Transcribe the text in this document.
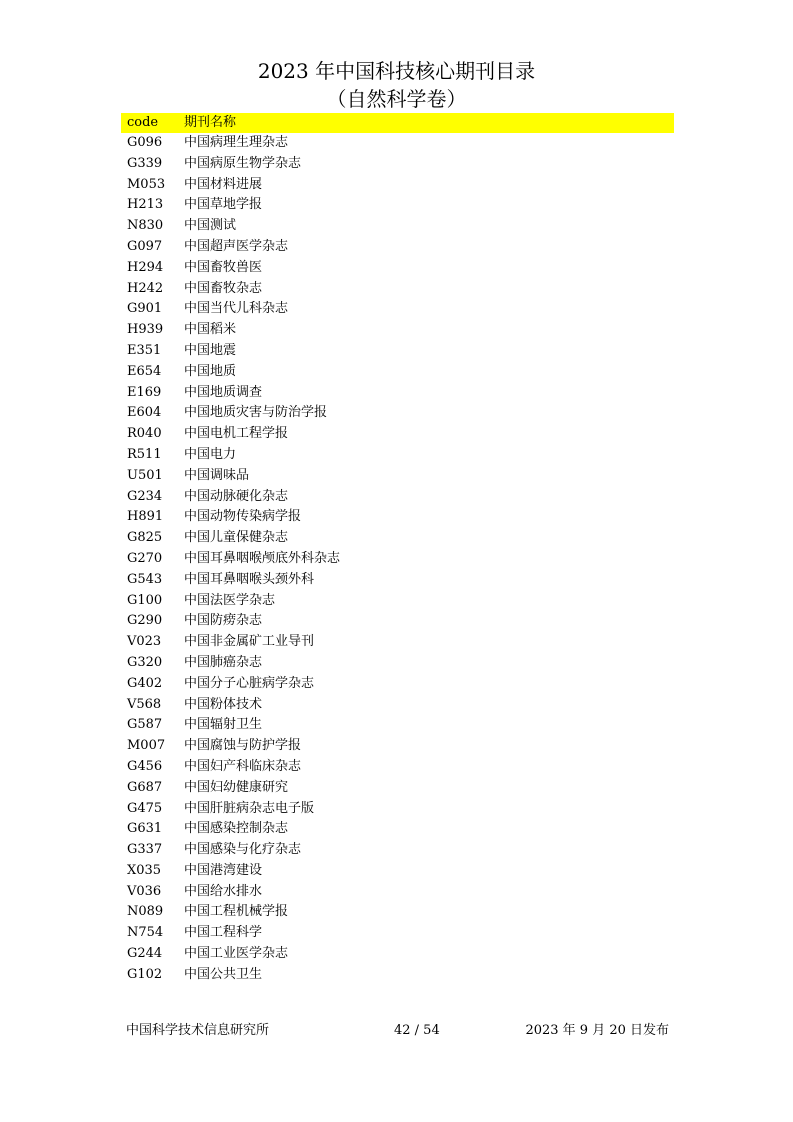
2023 年中国科技核心期刊目录
（自然科学卷）
code	期刊名称
G096	中国病理生理杂志
G339	中国病原生物学杂志
M053	中国材料进展
H213	中国草地学报
N830	中国测试
G097	中国超声医学杂志
H294	中国畜牧兽医
H242	中国畜牧杂志
G901	中国当代儿科杂志
H939	中国稻米
E351	中国地震
E654	中国地质
E169	中国地质调查
E604	中国地质灾害与防治学报
R040	中国电机工程学报
R511	中国电力
U501	中国调味品
G234	中国动脉硬化杂志
H891	中国动物传染病学报
G825	中国儿童保健杂志
G270	中国耳鼻咽喉颅底外科杂志
G543	中国耳鼻咽喉头颈外科
G100	中国法医学杂志
G290	中国防痨杂志
V023	中国非金属矿工业导刊
G320	中国肺癌杂志
G402	中国分子心脏病学杂志
V568	中国粉体技术
G587	中国辐射卫生
M007	中国腐蚀与防护学报
G456	中国妇产科临床杂志
G687	中国妇幼健康研究
G475	中国肝脏病杂志电子版
G631	中国感染控制杂志
G337	中国感染与化疗杂志
X035	中国港湾建设
V036	中国给水排水
N089	中国工程机械学报
N754	中国工程科学
G244	中国工业医学杂志
G102	中国公共卫生
中国科学技术信息研究所	42 / 54	2023 年 9 月 20 日发布
